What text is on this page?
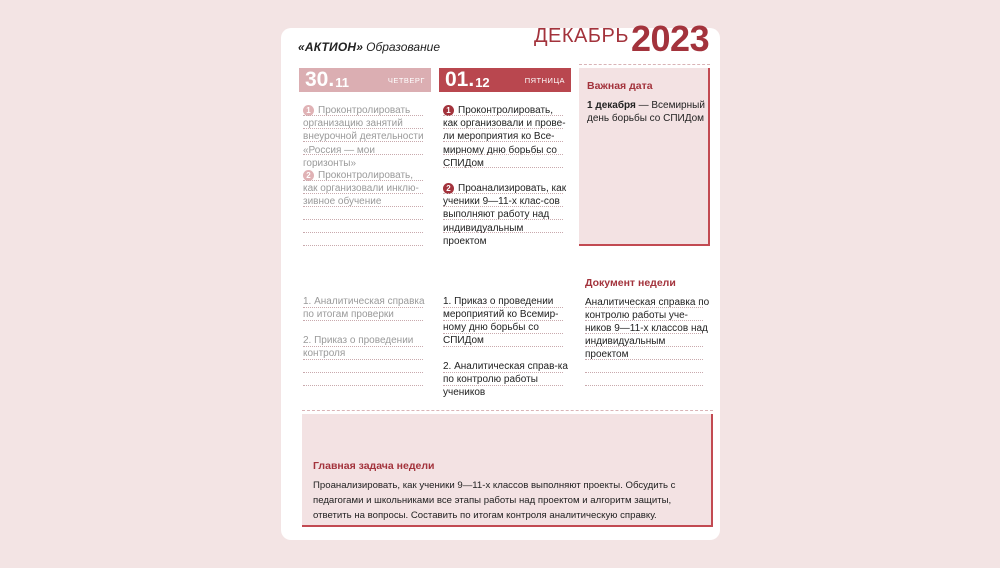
«АКТИОН» Образование	ДЕКАБРЬ 2023
30. 11	ЧЕТВЕРГ
1 Проконтролировать организацию занятий внеурочной деятельности «Россия — мои горизонты»
2 Проконтролировать, как организовали инклю-зивное обучение
1. Аналитическая справка по итогам проверки
2. Приказ о проведении контроля
01. 12	ПЯТНИЦА
1 Проконтролировать, как организовали и прове-ли мероприятия ко Все-мирному дню борьбы со СПИДом
2 Проанализировать, как ученики 9—11-х клас-сов выполняют работу над индивидуальным проектом
1. Приказ о проведении мероприятий ко Всемир-ному дню борьбы со СПИДом
2. Аналитическая справ-ка по контролю работы учеников
Важная дата
1 декабря — Всемирный день борьбы со СПИДом
Документ недели
Аналитическая справка по контролю работы уче-ников 9—11-х классов над индивидуальным проектом
Главная задача недели
Проанализировать, как ученики 9—11-х классов выполняют проекты. Обсудить с педагогами и школьниками все этапы работы над проектом и алгоритм защиты, ответить на вопросы. Составить по итогам контроля аналитическую справку.
